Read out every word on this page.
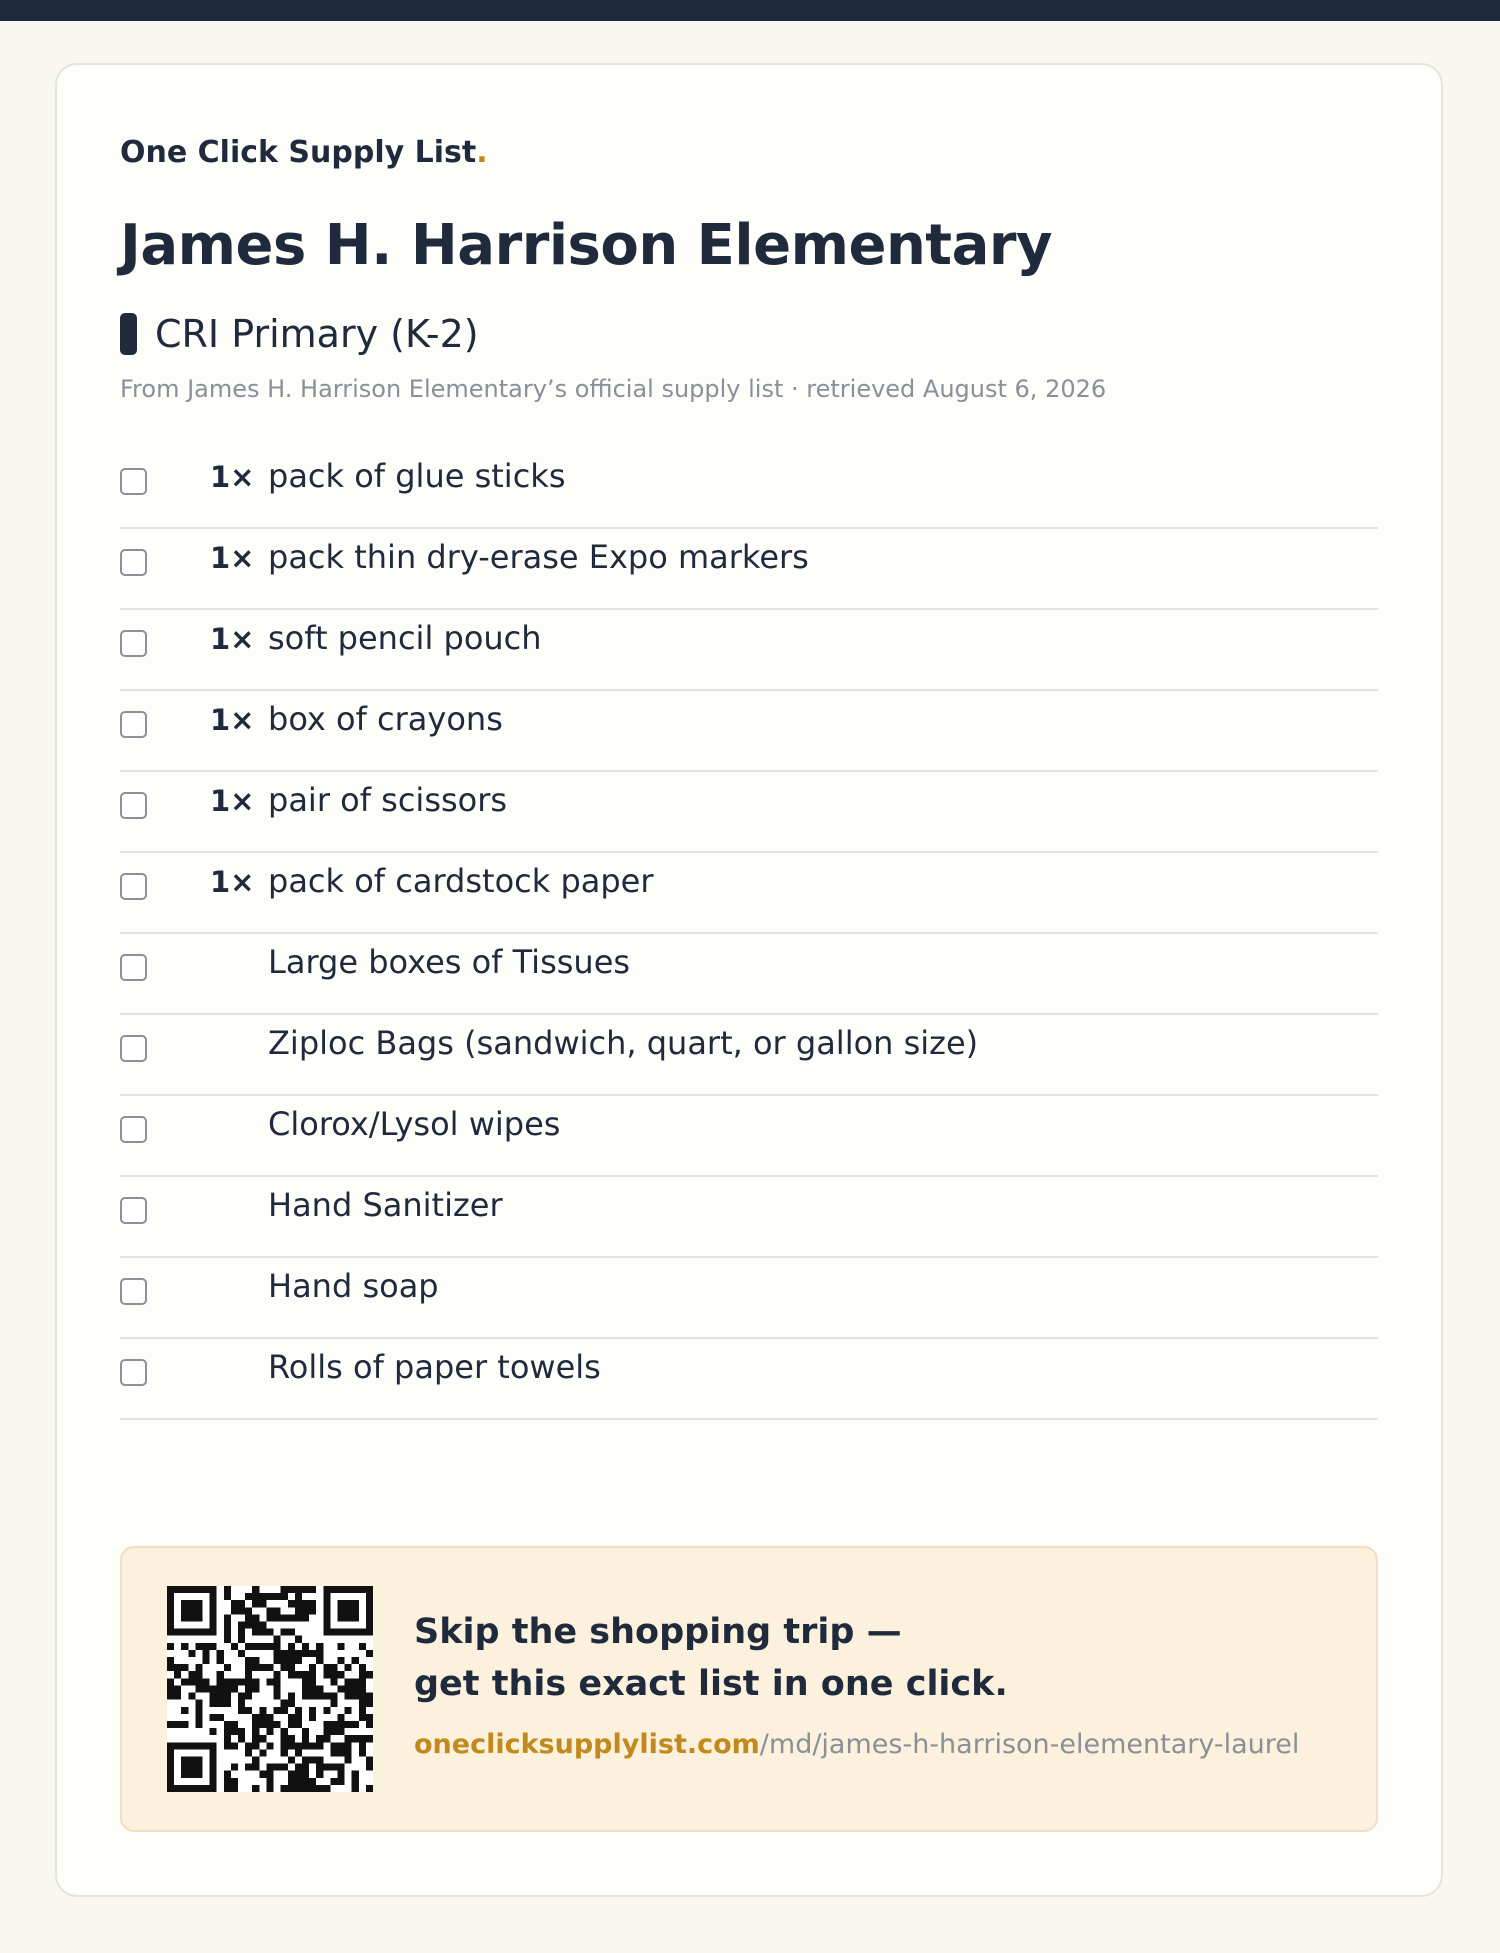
One Click Supply List.
James H. Harrison Elementary
CRI Primary (K-2)
From James H. Harrison Elementary’s official supply list · retrieved August 6, 2026
1× pack of glue sticks
1× pack thin dry-erase Expo markers
1× soft pencil pouch
1× box of crayons
1× pair of scissors
1× pack of cardstock paper
Large boxes of Tissues
Ziploc Bags (sandwich, quart, or gallon size)
Clorox/Lysol wipes
Hand Sanitizer
Hand soap
Rolls of paper towels
Skip the shopping trip —
get this exact list in one click.
oneclicksupplylist.com/md/james-h-harrison-elementary-laurel
